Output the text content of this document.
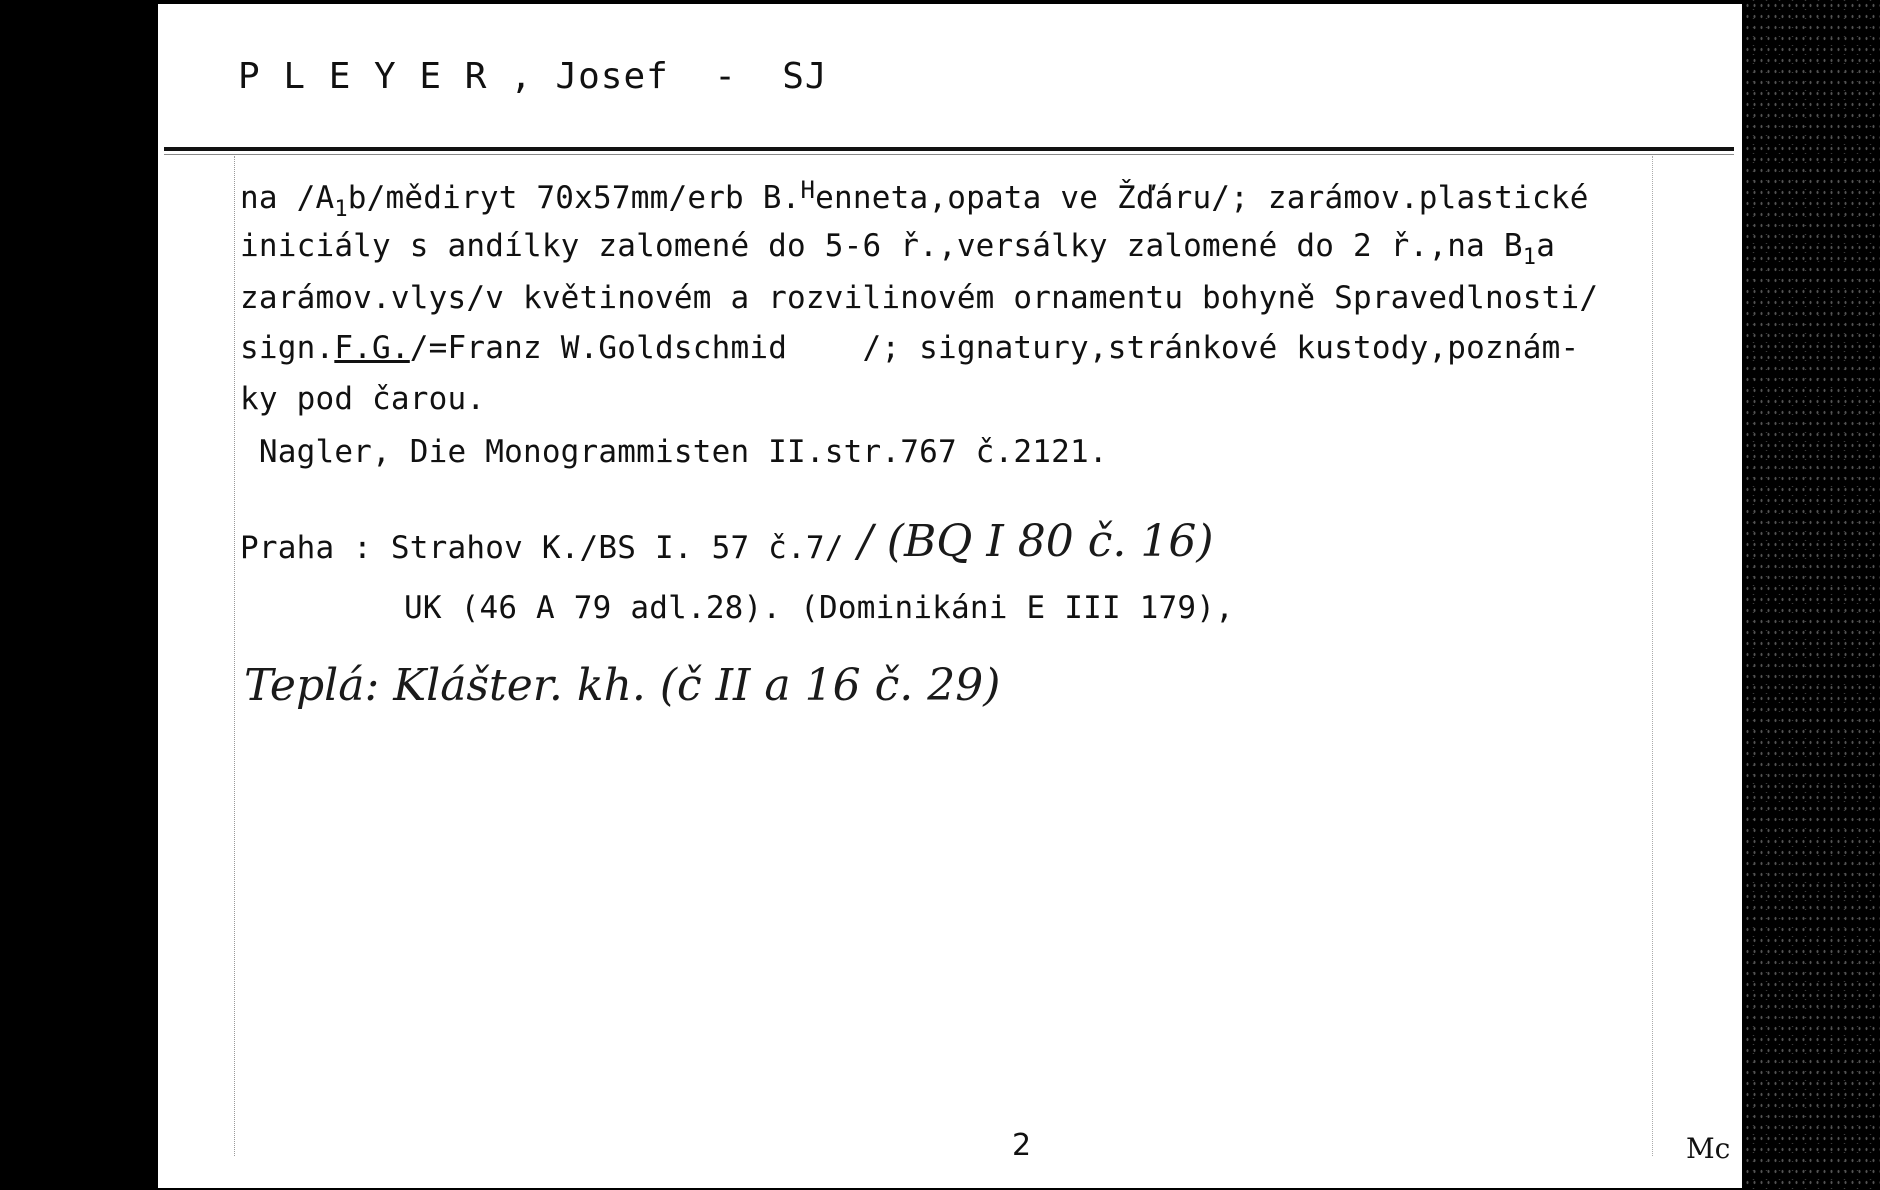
P L E Y E R , Josef -  SJ
na $/A_1b$/mědiryt 70x57mm/erb B.$^H$enneta,opata ve Žďáru/; zarámov.plastické
iniciály s andílky zalomené do 5-6 ř.,versálky zalomené do 2 ř.,na $B_1a$
zarámov.vlys/v květinovém a rozvilinovém ornamentu bohyně Spravedlnosti/
sign.F.G./=Franz W.Goldschmid    /; signatury,stránkové kustody,poznám-
ky pod čarou.
Nagler, Die Monogrammisten II.str.767 č.2121.
Praha : Strahov K./BS I. 57 č.7/ / (BQ I 80 č. 16)
UK (46 A 79 adl.28). (Dominikáni E III 179),
Teplá: Klášter. kh. (č II a 16 č. 29)
2	Mc
